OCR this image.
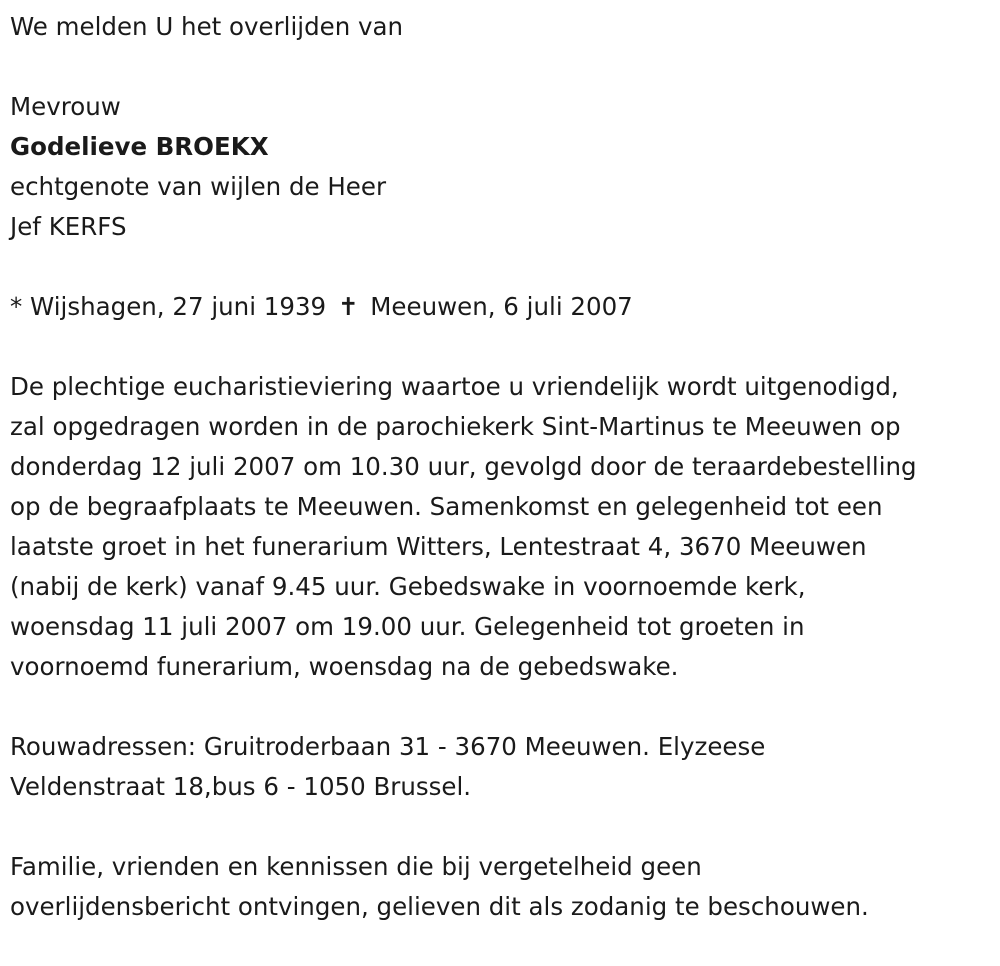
We melden U het overlijden van

Mevrouw

Godelieve BROEKX

echtgenote van wijlen de Heer

Jef KERFS

* Wijshagen, 27 juni 1939 ✝ Meeuwen, 6 juli 2007

De plechtige eucharistieviering waartoe u vriendelijk wordt uitgenodigd,
zal opgedragen worden in de parochiekerk Sint-Martinus te Meeuwen op
donderdag 12 juli 2007 om 10.30 uur, gevolgd door de teraardebestelling
op de begraafplaats te Meeuwen. Samenkomst en gelegenheid tot een
laatste groet in het funerarium Witters, Lentestraat 4, 3670 Meeuwen
(nabij de kerk) vanaf 9.45 uur. Gebedswake in voornoemde kerk,
woensdag 11 juli 2007 om 19.00 uur. Gelegenheid tot groeten in
voornoemd funerarium, woensdag na de gebedswake.
Rouwadressen: Gruitroderbaan 31 - 3670 Meeuwen. Elyzeese
Veldenstraat 18,bus 6 - 1050 Brussel.
Familie, vrienden en kennissen die bij vergetelheid geen
overlijdensbericht ontvingen, gelieven dit als zodanig te beschouwen.
